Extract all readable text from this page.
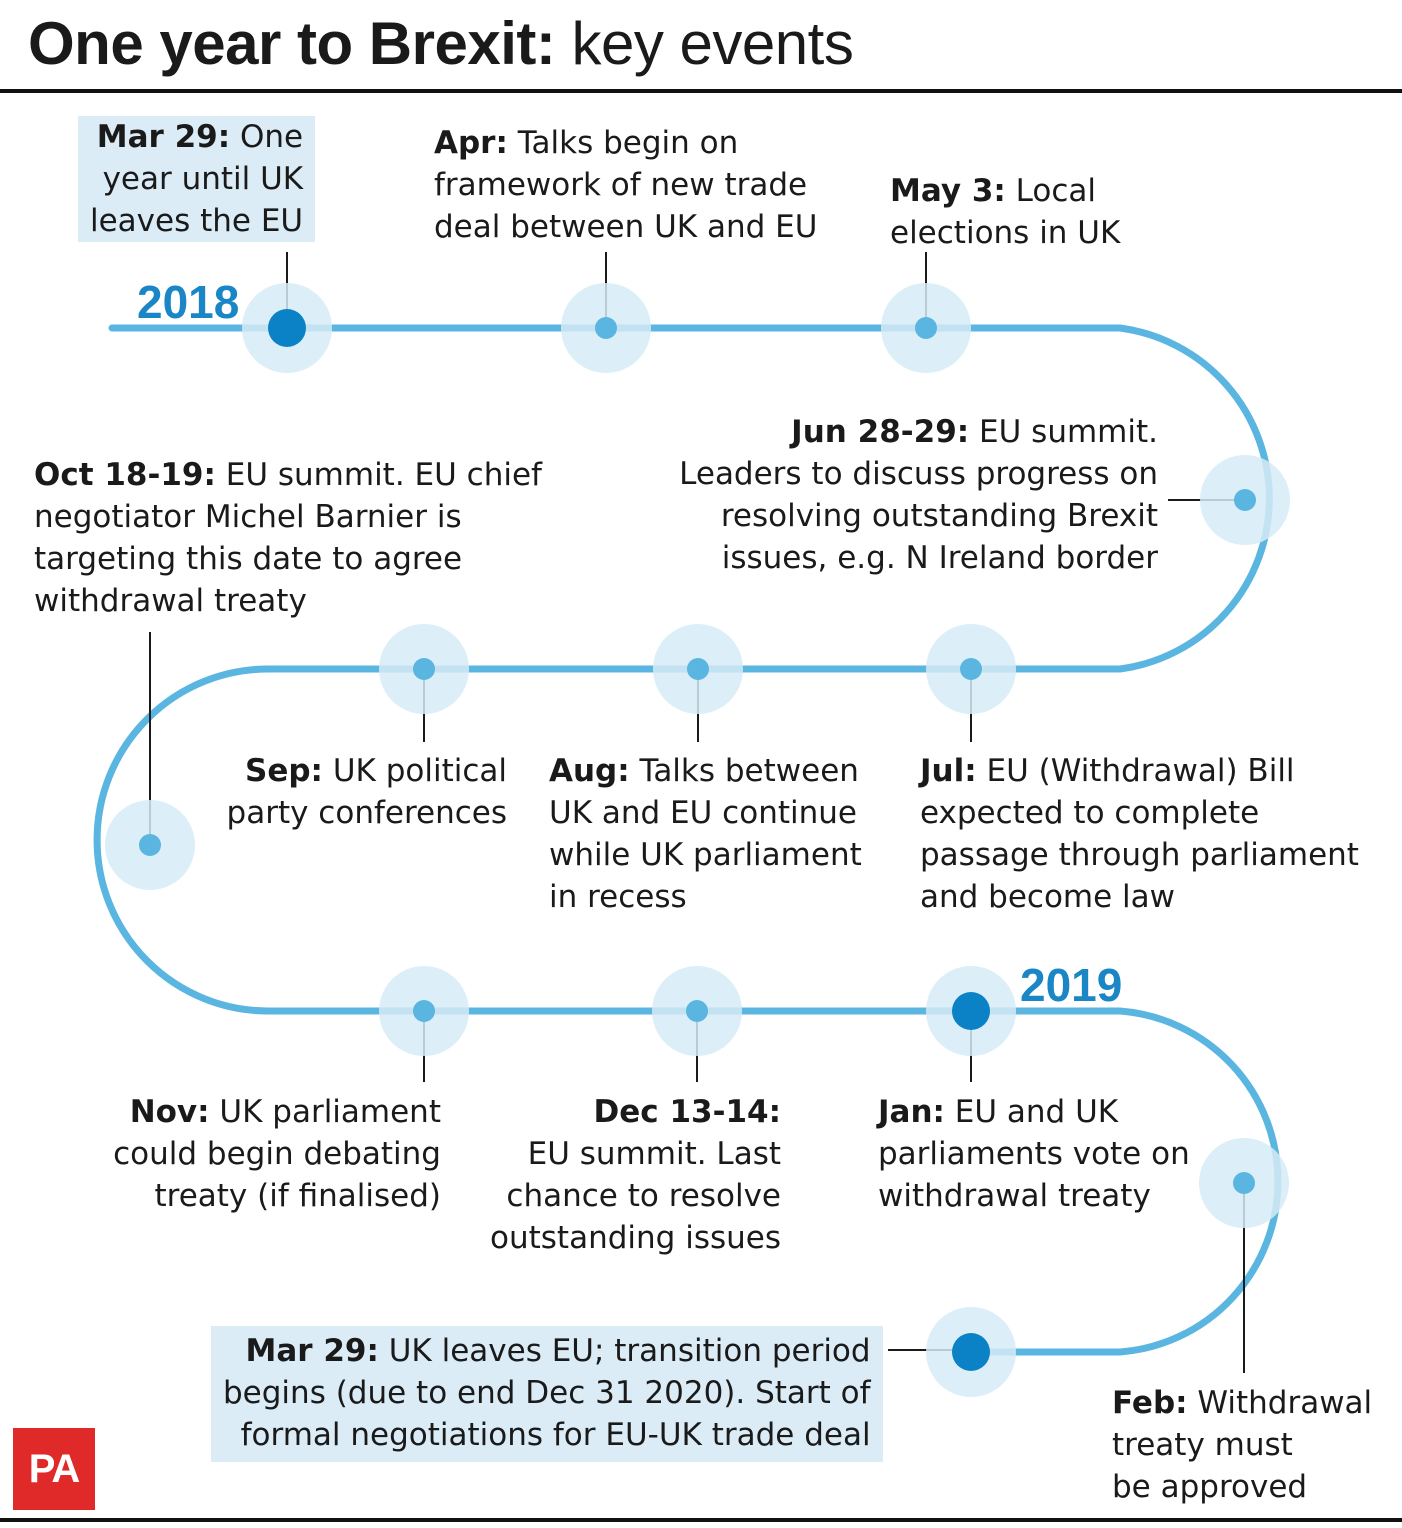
One year to Brexit: key events
2018
2019
Mar 29: One
year until UK
leaves the EU
Apr: Talks begin on
framework of new trade
deal between UK and EU
May 3: Local
elections in UK
Jun 28-29: EU summit.
Leaders to discuss progress on
resolving outstanding Brexit
issues, e.g. N Ireland border
Oct 18-19: EU summit. EU chief
negotiator Michel Barnier is
targeting this date to agree
withdrawal treaty
Sep: UK political
party conferences
Aug: Talks between
UK and EU continue
while UK parliament
in recess
Jul: EU (Withdrawal) Bill
expected to complete
passage through parliament
and become law
Nov: UK parliament
could begin debating
treaty (if finalised)
Dec 13-14:
EU summit. Last
chance to resolve
outstanding issues
Jan: EU and UK
parliaments vote on
withdrawal treaty
Mar 29: UK leaves EU; transition period
begins (due to end Dec 31 2020). Start of
formal negotiations for EU-UK trade deal
Feb: Withdrawal
treaty must
be approved
PA
